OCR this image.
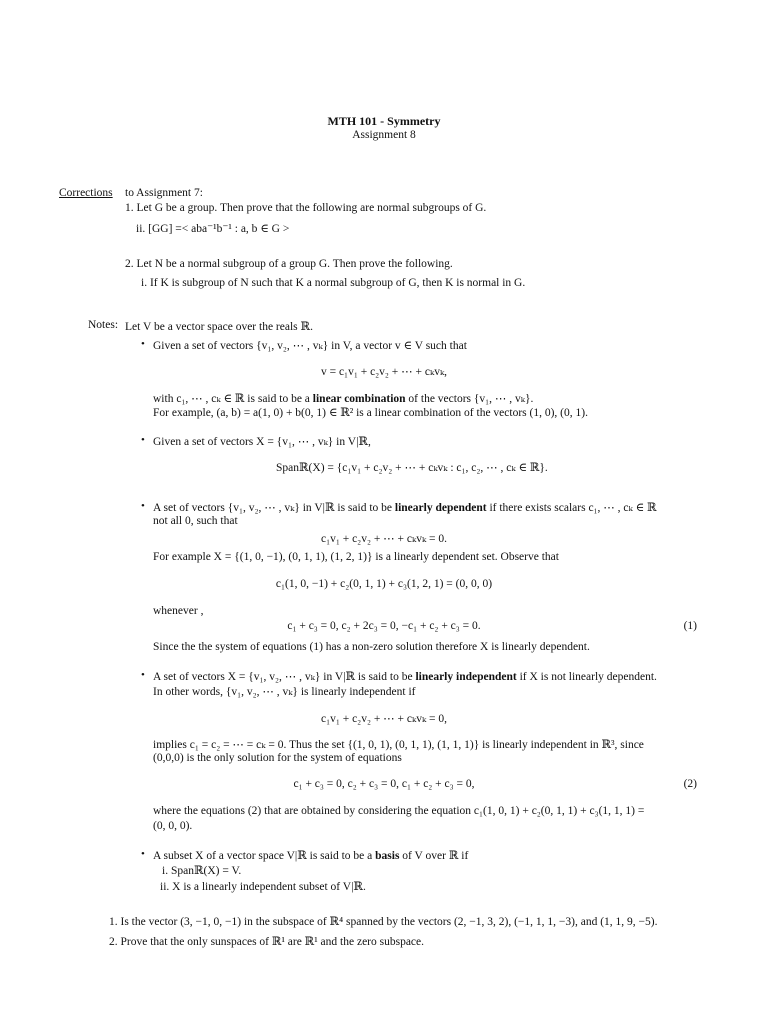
MTH 101 - Symmetry
Assignment 8
Corrections to Assignment 7:
1. Let G be a group. Then prove that the following are normal subgroups of G.
ii. [GG] =< aba⁻¹b⁻¹ : a, b ∈ G >
2. Let N be a normal subgroup of a group G. Then prove the following.
i. If K is subgroup of N such that K a normal subgroup of G, then K is normal in G.
Notes: Let V be a vector space over the reals ℝ.
• Given a set of vectors {v₁, v₂, ⋯ , vₖ} in V, a vector v ∈ V such that
v = c₁v₁ + c₂v₂ + ⋯ + cₖvₖ,
with c₁, ⋯ , cₖ ∈ ℝ is said to be a linear combination of the vectors {v₁, ⋯ , vₖ}.
For example, (a, b) = a(1, 0) + b(0, 1) ∈ ℝ² is a linear combination of the vectors (1, 0), (0, 1).
• Given a set of vectors X = {v₁, ⋯ , vₖ} in V|ℝ,
Spanℝ(X) = {c₁v₁ + c₂v₂ + ⋯ + cₖvₖ : c₁, c₂, ⋯ , cₖ ∈ ℝ}.
• A set of vectors {v₁, v₂, ⋯ , vₖ} in V|ℝ is said to be linearly dependent if there exists scalars c₁, ⋯ , cₖ ∈ ℝ
not all 0, such that
c₁v₁ + c₂v₂ + ⋯ + cₖvₖ = 0.
For example X = {(1, 0, −1), (0, 1, 1), (1, 2, 1)} is a linearly dependent set. Observe that
c₁(1, 0, −1) + c₂(0, 1, 1) + c₃(1, 2, 1) = (0, 0, 0)
whenever ,
c₁ + c₃ = 0, c₂ + 2c₃ = 0, −c₁ + c₂ + c₃ = 0.	(1)
Since the the system of equations (1) has a non-zero solution therefore X is linearly dependent.
• A set of vectors X = {v₁, v₂, ⋯ , vₖ} in V|ℝ is said to be linearly independent if X is not linearly dependent.
In other words, {v₁, v₂, ⋯ , vₖ} is linearly independent if
c₁v₁ + c₂v₂ + ⋯ + cₖvₖ = 0,
implies c₁ = c₂ = ⋯ = cₖ = 0. Thus the set {(1, 0, 1), (0, 1, 1), (1, 1, 1)} is linearly independent in ℝ³, since
(0,0,0) is the only solution for the system of equations
c₁ + c₃ = 0, c₂ + c₃ = 0, c₁ + c₂ + c₃ = 0,	(2)
where the equations (2) that are obtained by considering the equation c₁(1, 0, 1) + c₂(0, 1, 1) + c₃(1, 1, 1) =
(0, 0, 0).
• A subset X of a vector space V|ℝ is said to be a basis of V over ℝ if
i. Spanℝ(X) = V.
ii. X is a linearly independent subset of V|ℝ.
1. Is the vector (3, −1, 0, −1) in the subspace of ℝ⁴ spanned by the vectors (2, −1, 3, 2), (−1, 1, 1, −3), and (1, 1, 9, −5).
2. Prove that the only sunspaces of ℝ¹ are ℝ¹ and the zero subspace.
